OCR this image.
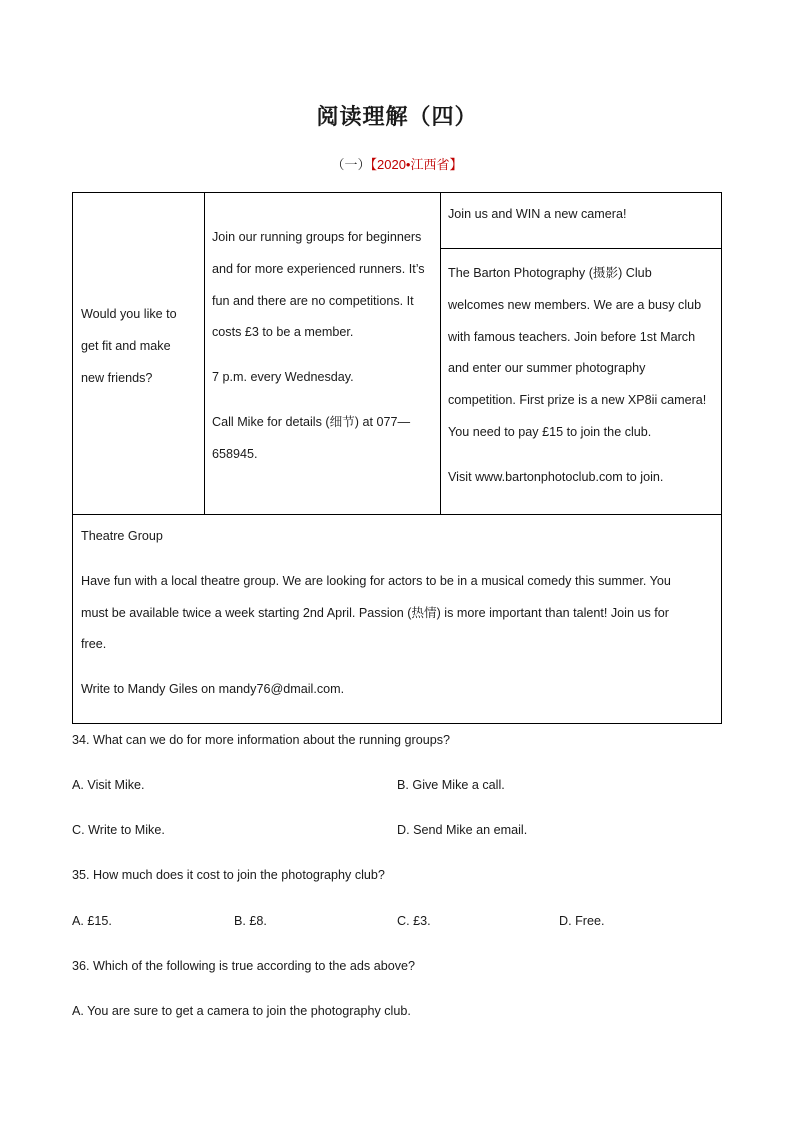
阅读理解（四）
（一）【2020•江西省】

Would you like to

get fit and make

new friends?

Join our running groups for beginners

and for more experienced runners. It’s

fun and there are no competitions. It

costs £3 to be a member.

7 p.m. every Wednesday.

Call Mike for details (细节) at 077—

658945.

Join us and WIN a new camera!

The Barton Photography (摄影) Club

welcomes new members. We are a busy club

with famous teachers. Join before 1st March

and enter our summer photography

competition. First prize is a new XP8ii camera!

You need to pay £15 to join the club.

Visit www.bartonphotoclub.com to join.

Theatre Group

Have fun with a local theatre group. We are looking for actors to be in a musical comedy this summer. You

must be available twice a week starting 2nd April. Passion (热情) is more important than talent! Join us for

free.

Write to Mandy Giles on mandy76@dmail.com.

34. What can we do for more information about the running groups?
A. Visit Mike.	B. Give Mike a call.
C. Write to Mike.	D. Send Mike an email.
35. How much does it cost to join the photography club?
A. £15.	B. £8.	C. £3.	D. Free.
36. Which of the following is true according to the ads above?
A. You are sure to get a camera to join the photography club.
